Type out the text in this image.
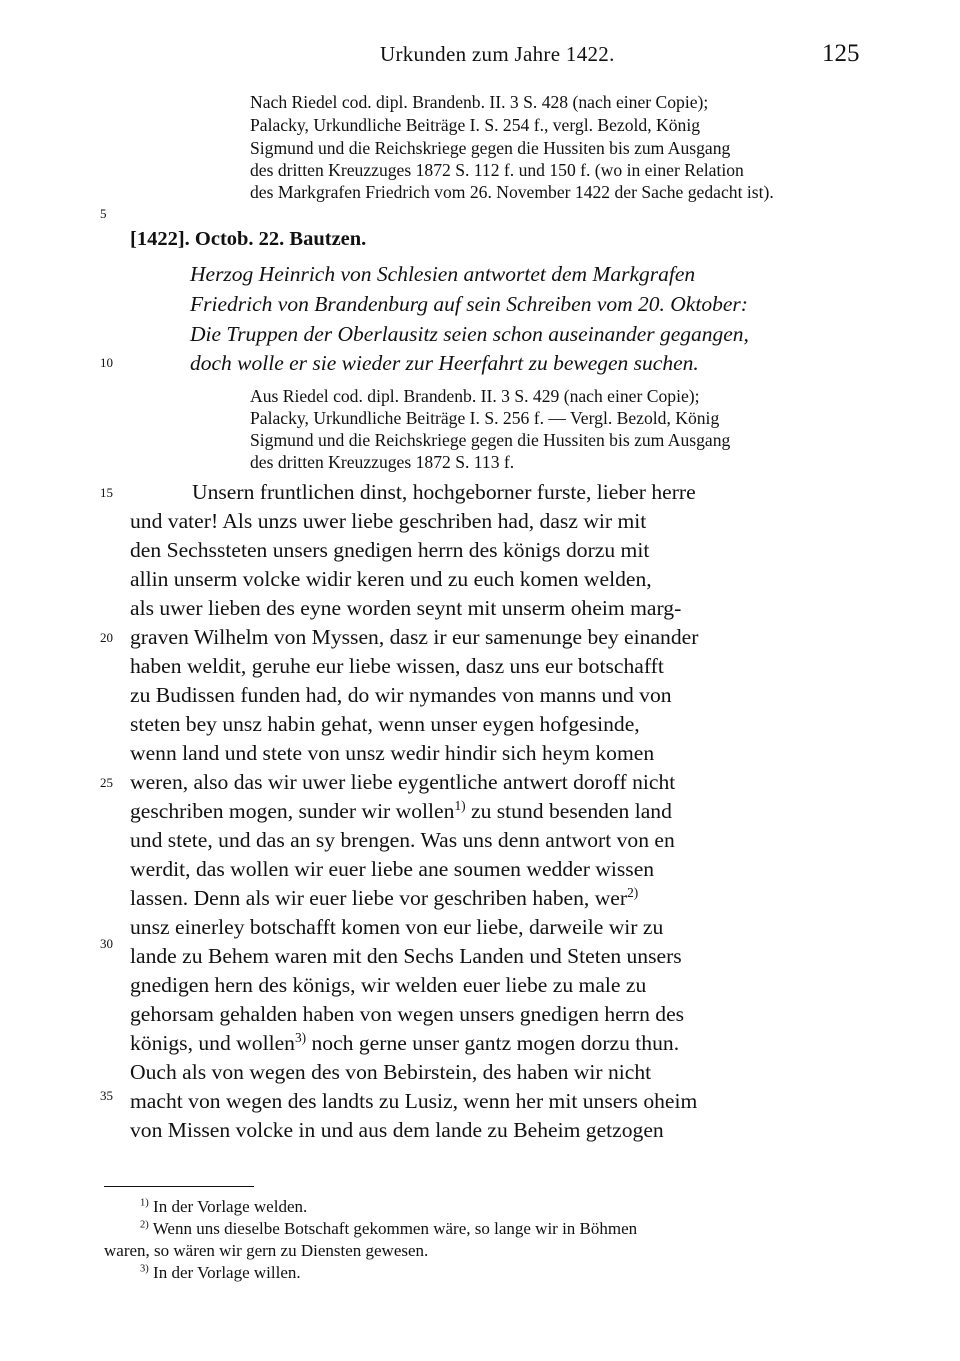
Urkunden zum Jahre 1422.	125
5
10
15
20
25
30
35
Nach Riedel cod. dipl. Brandenb. II. 3 S. 428 (nach einer Copie);
Palacky, Urkundliche Beiträge I. S. 254 f., vergl. Bezold, König
Sigmund und die Reichskriege gegen die Hussiten bis zum Ausgang
des dritten Kreuzzuges 1872 S. 112 f. und 150 f. (wo in einer Relation
des Markgrafen Friedrich vom 26. November 1422 der Sache gedacht ist).
[1422]. Octob. 22. Bautzen.
Herzog Heinrich von Schlesien antwortet dem Markgrafen
Friedrich von Brandenburg auf sein Schreiben vom 20. Oktober:
Die Truppen der Oberlausitz seien schon auseinander gegangen,
doch wolle er sie wieder zur Heerfahrt zu bewegen suchen.
Aus Riedel cod. dipl. Brandenb. II. 3 S. 429 (nach einer Copie);
Palacky, Urkundliche Beiträge I. S. 256 f. — Vergl. Bezold, König
Sigmund und die Reichskriege gegen die Hussiten bis zum Ausgang
des dritten Kreuzzuges 1872 S. 113 f.
Unsern fruntlichen dinst, hochgeborner furste, lieber herre
und vater! Als unzs uwer liebe geschriben had, dasz wir mit
den Sechssteten unsers gnedigen herrn des königs dorzu mit
allin unserm volcke widir keren und zu euch komen welden,
als uwer lieben des eyne worden seynt mit unserm oheim marg-
graven Wilhelm von Myssen, dasz ir eur samenunge bey einander
haben weldit, geruhe eur liebe wissen, dasz uns eur botschafft
zu Budissen funden had, do wir nymandes von manns und von
steten bey unsz habin gehat, wenn unser eygen hofgesinde,
wenn land und stete von unsz wedir hindir sich heym komen
weren, also das wir uwer liebe eygentliche antwert doroff nicht
geschriben mogen, sunder wir wollen$^{1)}$ zu stund besenden land
und stete, und das an sy brengen. Was uns denn antwort von en
werdit, das wollen wir euer liebe ane soumen wedder wissen
lassen. Denn als wir euer liebe vor geschriben haben, wer$^{2)}$
unsz einerley botschafft komen von eur liebe, darweile wir zu
lande zu Behem waren mit den Sechs Landen und Steten unsers
gnedigen hern des königs, wir welden euer liebe zu male zu
gehorsam gehalden haben von wegen unsers gnedigen herrn des
königs, und wollen$^{3)}$ noch gerne unser gantz mogen dorzu thun.
Ouch als von wegen des von Bebirstein, des haben wir nicht
macht von wegen des landts zu Lusiz, wenn her mit unsers oheim
von Missen volcke in und aus dem lande zu Beheim getzogen
$^{1)}$ In der Vorlage welden.
$^{2)}$ Wenn uns dieselbe Botschaft gekommen wäre, so lange wir in Böhmen
waren, so wären wir gern zu Diensten gewesen.
$^{3)}$ In der Vorlage willen.
